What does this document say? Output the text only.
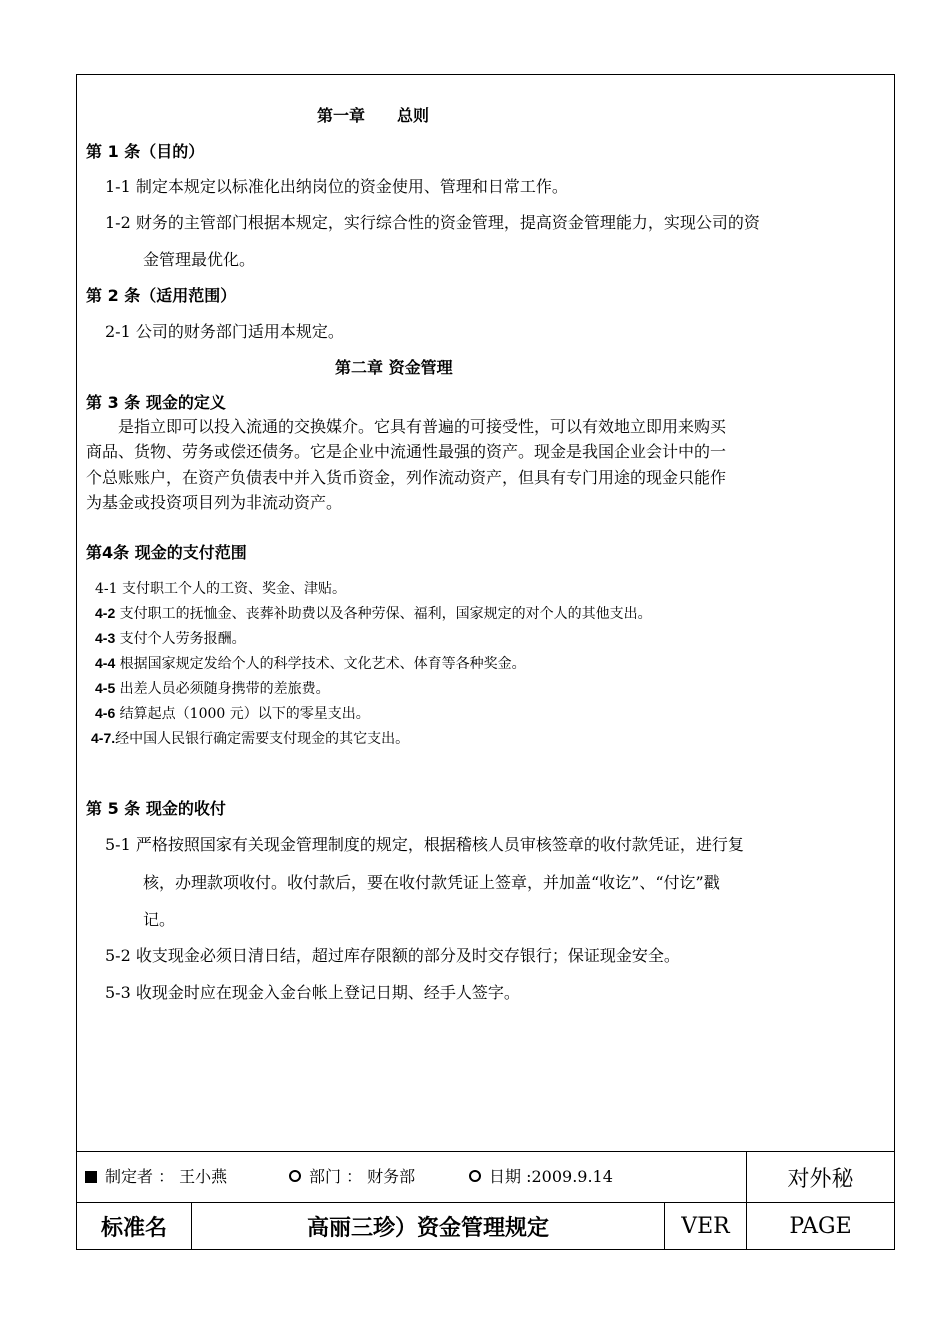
第一章　　总则
第 1 条（目的）
1-1 制定本规定以标准化出纳岗位的资金使用、管理和日常工作。
1-2 财务的主管部门根据本规定，实行综合性的资金管理，提高资金管理能力，实现公司的资
金管理最优化。
第 2 条（适用范围）
2-1 公司的财务部门适用本规定。
第二章 资金管理
第 3 条 现金的定义
　　是指立即可以投入流通的交换媒介。它具有普遍的可接受性，可以有效地立即用来购买
商品、货物、劳务或偿还债务。它是企业中流通性最强的资产。现金是我国企业会计中的一
个总账账户，在资产负债表中并入货币资金，列作流动资产，但具有专门用途的现金只能作
为基金或投资项目列为非流动资产。
第4条 现金的支付范围
4-1 支付职工个人的工资、奖金、津贴。
4-2 支付职工的抚恤金、丧葬补助费以及各种劳保、福利，国家规定的对个人的其他支出。
4-3 支付个人劳务报酬。
4-4 根据国家规定发给个人的科学技术、文化艺术、体育等各种奖金。
4-5 出差人员必须随身携带的差旅费。
4-6 结算起点（1000 元）以下的零星支出。
4-7.经中国人民银行确定需要支付现金的其它支出。
第 5 条 现金的收付
5-1 严格按照国家有关现金管理制度的规定，根据稽核人员审核签章的收付款凭证，进行复
核，办理款项收付。收付款后，要在收付款凭证上签章，并加盖“收讫”、“付讫”戳
记。
5-2 收支现金必须日清日结，超过库存限额的部分及时交存银行；保证现金安全。
5-3 收现金时应在现金入金台帐上登记日期、经手人签字。
制定者 ： 王小燕	部门 ： 财务部	日期 :2009.9.14	对外秘
标准名	高丽三珍）资金管理规定	VER	PAGE
